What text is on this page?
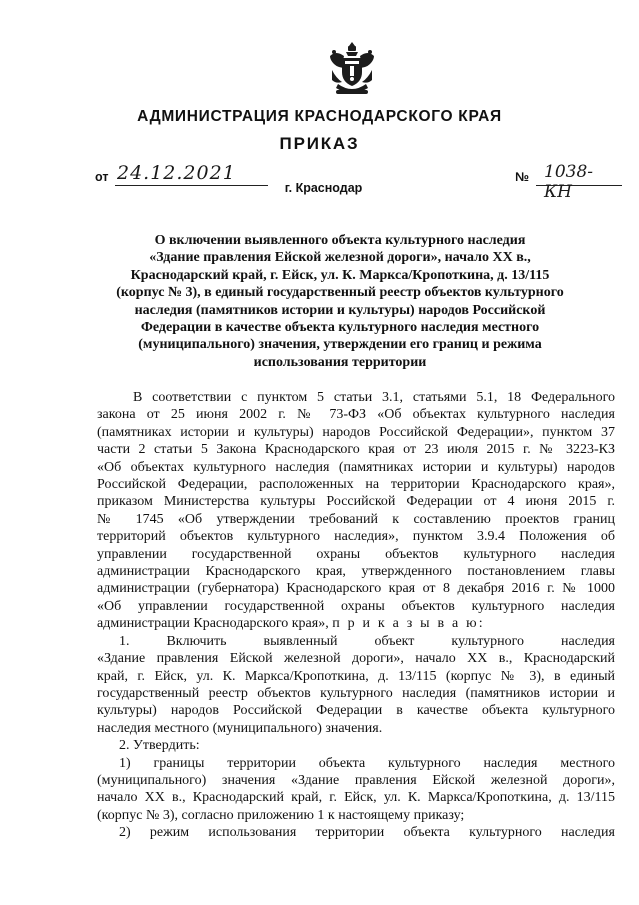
АДМИНИСТРАЦИЯ КРАСНОДАРСКОГО КРАЯ
ПРИКАЗ
от 24.12.2021	№ 1038-КН
г. Краснодар
О включении выявленного объекта культурного наследия
«Здание правления Ейской железной дороги», начало XX в.,
Краснодарский край, г. Ейск, ул. К. Маркса/Кропоткина, д. 13/115
(корпус № 3), в единый государственный реестр объектов культурного
наследия (памятников истории и культуры) народов Российской
Федерации в качестве объекта культурного наследия местного
(муниципального) значения, утверждении его границ и режима
использования территории
В соответствии с пунктом 5 статьи 3.1, статьями 5.1, 18 Федерального
закона от 25 июня 2002 г. № 73-ФЗ «Об объектах культурного наследия
(памятниках истории и культуры) народов Российской Федерации», пунктом 37
части 2 статьи 5 Закона Краснодарского края от 23 июля 2015 г. № 3223-КЗ
«Об объектах культурного наследия (памятниках истории и культуры) народов
Российской Федерации, расположенных на территории Краснодарского края»,
приказом Министерства культуры Российской Федерации от 4 июня 2015 г.
№ 1745 «Об утверждении требований к составлению проектов границ
территорий объектов культурного наследия», пунктом 3.9.4 Положения об
управлении государственной охраны объектов культурного наследия
администрации Краснодарского края, утвержденного постановлением главы
администрации (губернатора) Краснодарского края от 8 декабря 2016 г. № 1000
«Об управлении государственной охраны объектов культурного наследия
администрации Краснодарского края», п р и к а з ы в а ю:
1. Включить выявленный объект культурного наследия
«Здание правления Ейской железной дороги», начало XX в., Краснодарский
край, г. Ейск, ул. К. Маркса/Кропоткина, д. 13/115 (корпус № 3), в единый
государственный реестр объектов культурного наследия (памятников истории и
культуры) народов Российской Федерации в качестве объекта культурного
наследия местного (муниципального) значения.
2. Утвердить:
1) границы территории объекта культурного наследия местного
(муниципального) значения «Здание правления Ейской железной дороги»,
начало XX в., Краснодарский край, г. Ейск, ул. К. Маркса/Кропоткина, д. 13/115
(корпус № 3), согласно приложению 1 к настоящему приказу;
2) режим использования территории объекта культурного наследия
